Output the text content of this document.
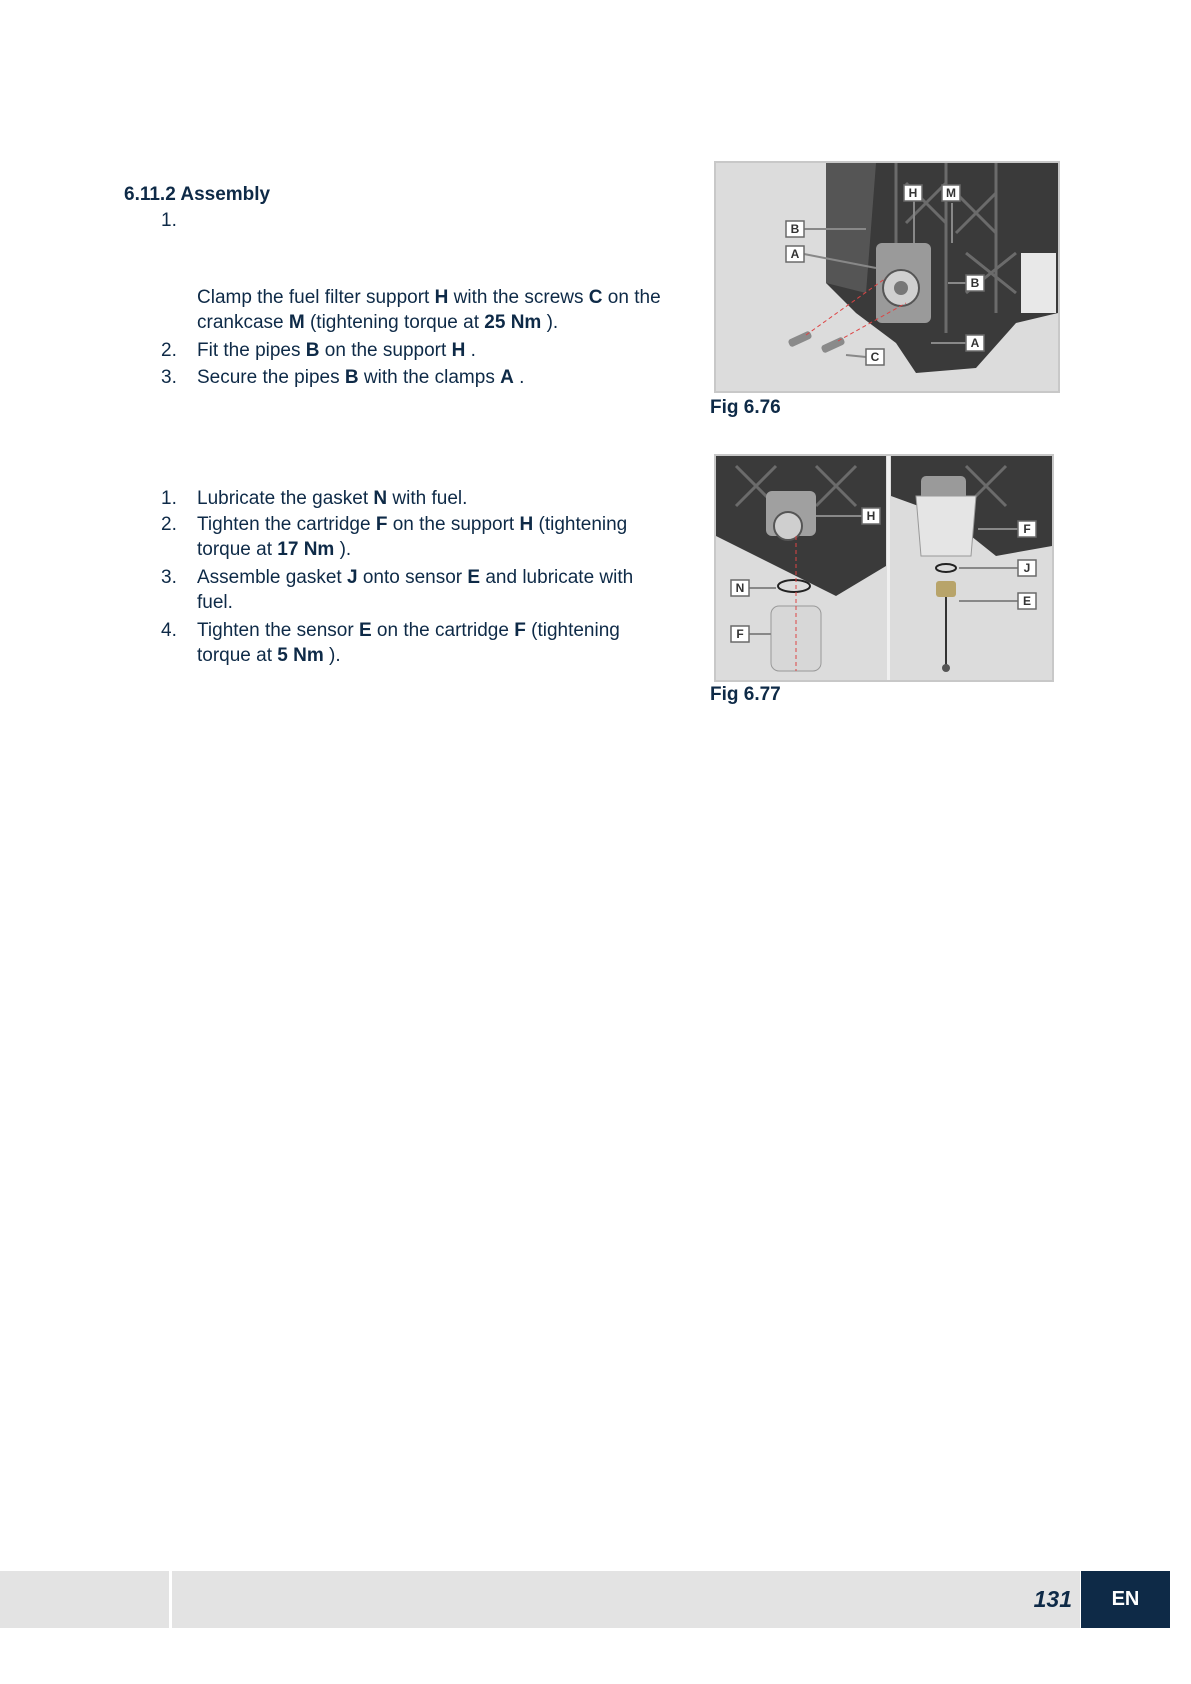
6.11.2 Assembly
1.
Clamp the fuel filter support H with the screws C on the crankcase M (tightening torque at 25 Nm ).
2. Fit the pipes B on the support H .
3. Secure the pipes B with the clamps A .
1. Lubricate the gasket N with fuel.
2. Tighten the cartridge F on the support H (tightening torque at 17 Nm ).
3. Assemble gasket J onto sensor E and lubricate with fuel.
4. Tighten the sensor E on the cartridge F (tightening torque at 5 Nm ).
H M
B
A
B
A
C
Fig 6.76
H
N
F
F
J
E
Fig 6.77
131	EN
